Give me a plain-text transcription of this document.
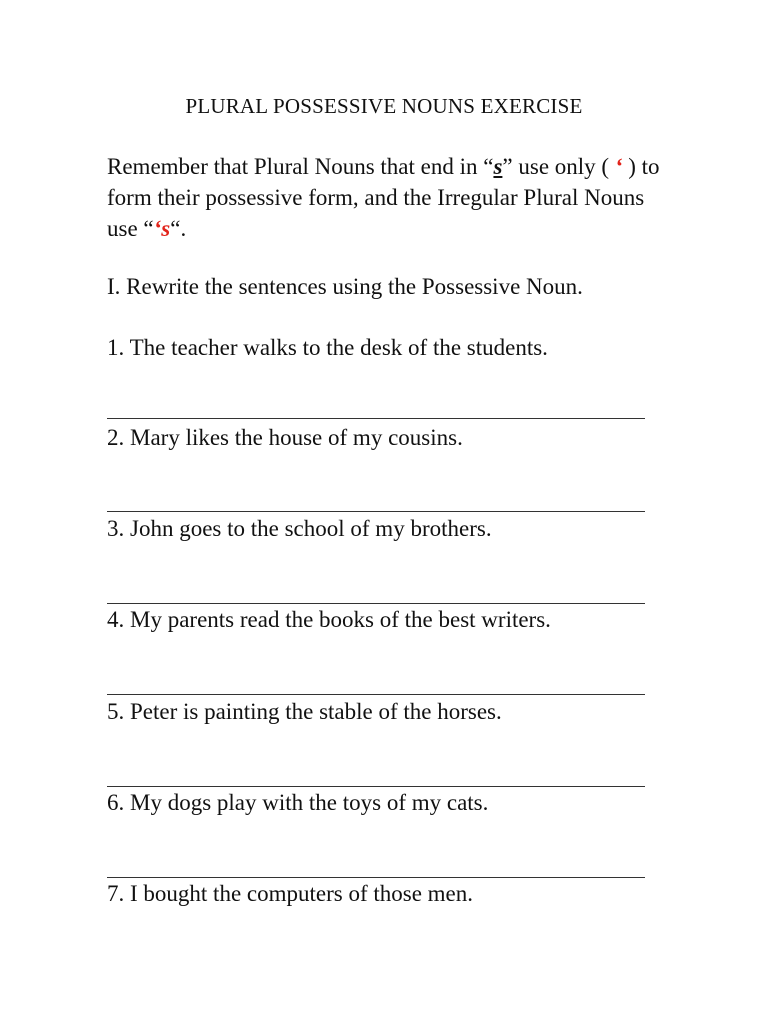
PLURAL POSSESSIVE NOUNS EXERCISE
Remember that Plural Nouns that end in “s” use only ( ‘ ) to form their possessive form, and the Irregular Plural Nouns use “‘s“.
I. Rewrite the sentences using the Possessive Noun.
1. The teacher walks to the desk of the students.
2. Mary likes the house of my cousins.
3. John goes to the school of my brothers.
4. My parents read the books of the best writers.
5. Peter is painting the stable of the horses.
6. My dogs play with the toys of my cats.
7. I bought the computers of those men.
